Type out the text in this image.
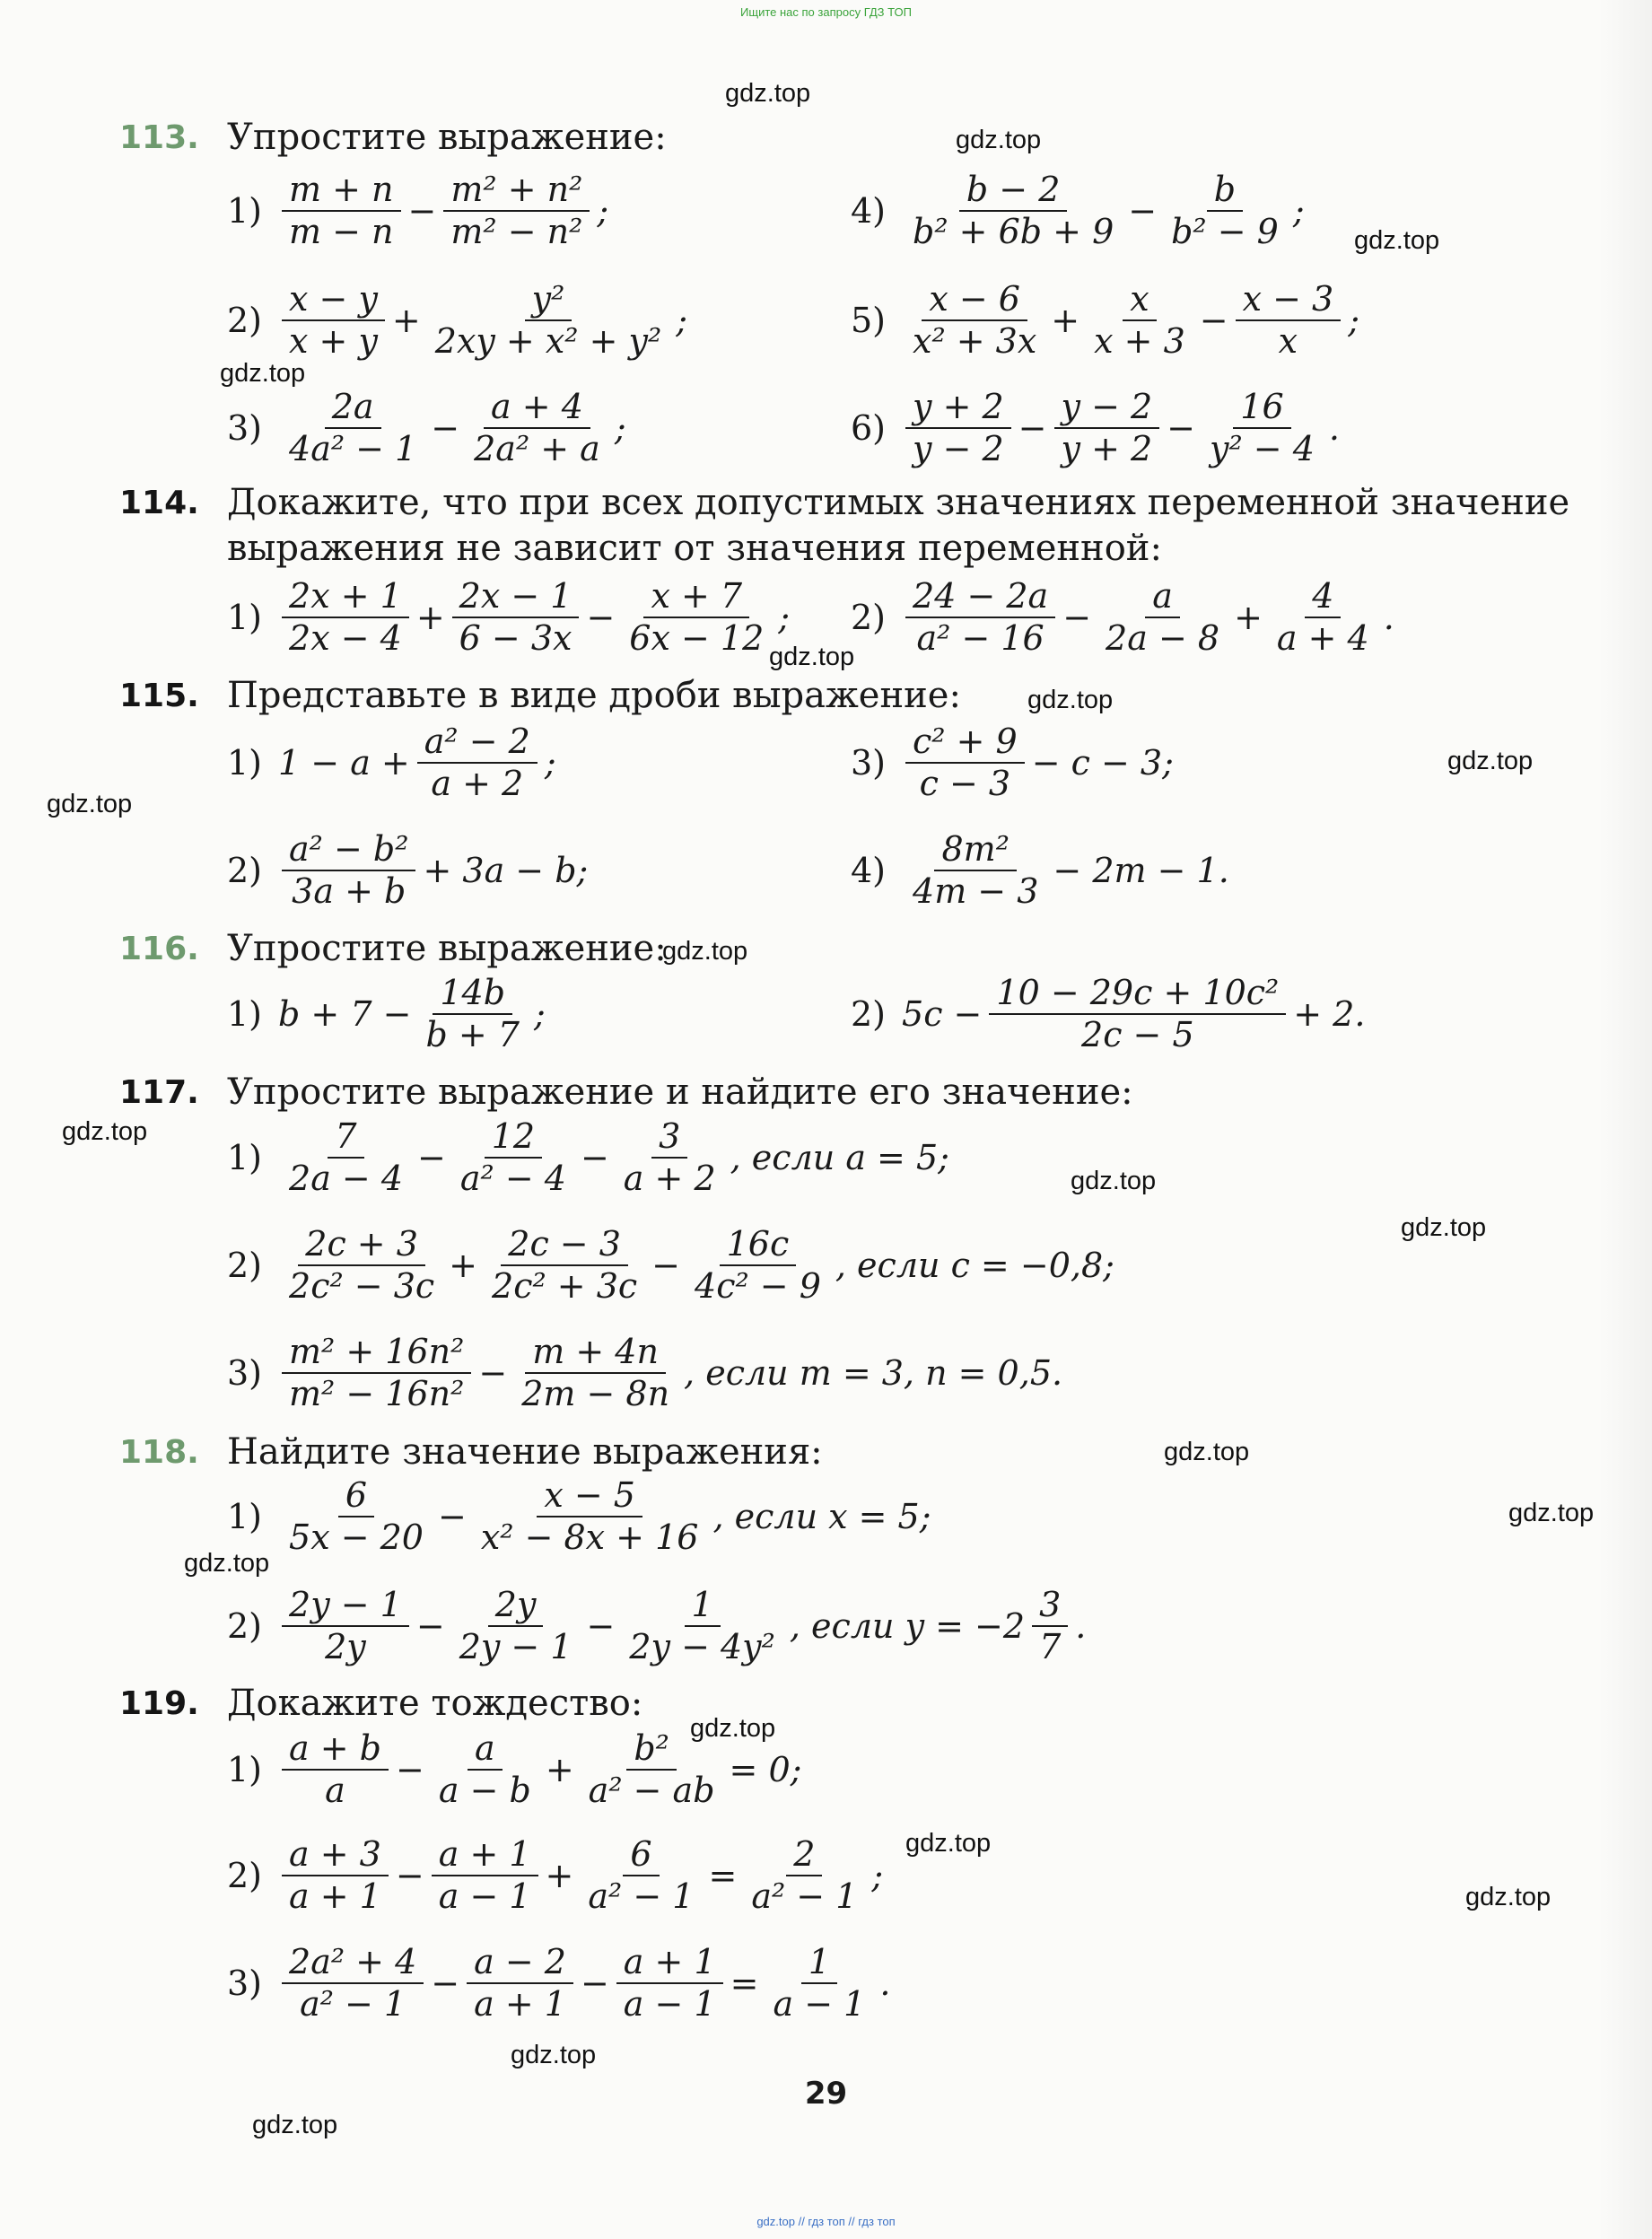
Ищите нас по запросу ГДЗ ТОП
113. Упростите выражение:
$1) \frac{m + n}{m - n} - \frac{\text{m² + n²}}{\text{m² − n²}}$ ;	$4) \frac{b - 2}{\text{b² + 6b + 9}} - \frac{b}{\text{b² − 9}}$ ;
$2) \frac{x - y}{x + y} + \frac{\text{y²}}{\text{2xy + x² + y²}}$ ;	$5) \frac{x - 6}{\text{x² + 3x}} + \frac{x}{x + 3} - \frac{x - 3}{x}$ ;
$3) \frac{2a}{\text{4a² − 1}} - \frac{a + 4}{\text{2a² + a}}$ ;	$6) \frac{y + 2}{y - 2} - \frac{y - 2}{y + 2} - \frac{16}{\text{y² − 4}}$ .
114. Докажите, что при всех допустимых значениях переменной значение
выражения не зависит от значения переменной:
$1) \frac{2x + 1}{2x - 4} + \frac{2x - 1}{6 - 3x} - \frac{x + 7}{6x - 12}$ ; $2) \frac{24 - 2a}{\text{a² − 16}} - \frac{a}{2a - 8} + \frac{4}{a + 4}$ .
115. Представьте в виде дроби выражение:
1) $1 - a + \frac{\text{a² − 2}}{a + 2}$ ;	$3) \frac{\text{c² + 9}}{c - 3} - c - 3$;
$2) \frac{\text{a² − b²}}{3a + b} + 3a - b$;	$4) \frac{\text{8m²}}{4m - 3} - 2m - 1$.
116. Упростите выражение:
1) $b + 7 - \frac{14b}{b + 7}$ ;	2) $5c - \frac{\text{10 − 29c + 10c²}}{2c - 5} + 2$.
117. Упростите выражение и найдите его значение:
$1) \frac{7}{2a - 4} - \frac{12}{\text{a² − 4}} - \frac{3}{a + 2}$ , если a = 5;
$2) \frac{2c + 3}{\text{2c² − 3c}} + \frac{2c - 3}{\text{2c² + 3c}} - \frac{16c}{\text{4c² − 9}}$ , если c = −0,8;
$3) \frac{\text{m² + 16n²}}{\text{m² − 16n²}} - \frac{m + 4n}{2m - 8n}$ , если m = 3, n = 0,5.
118. Найдите значение выражения:
$1) \frac{6}{5x - 20} - \frac{x - 5}{\text{x² − 8x + 16}}$ , если x = 5;
$2) \frac{2y - 1}{2y} - \frac{2y}{2y - 1} - \frac{1}{\text{2y − 4y²}}$ , если $y = -2 \frac{3}{7}$ .
119. Докажите тождество:
$1) \frac{a + b}{a} - \frac{a}{a - b} + \frac{\text{b²}}{\text{a² − ab}} = 0$;
$2) \frac{a + 3}{a + 1} - \frac{a + 1}{a - 1} + \frac{6}{\text{a² − 1}} = \frac{2}{\text{a² − 1}}$ ;
$3) \frac{\text{2a² + 4}}{\text{a² − 1}} - \frac{a - 2}{a + 1} - \frac{a + 1}{a - 1} = \frac{1}{a - 1}$ .
29
gdz.top // гдз топ // гдз топ
gdz.top
gdz.top
gdz.top
gdz.top
gdz.top
gdz.top
gdz.top
gdz.top
gdz.top
gdz.top
gdz.top
gdz.top
gdz.top
gdz.top
gdz.top
gdz.top
gdz.top
gdz.top
gdz.top
gdz.top
